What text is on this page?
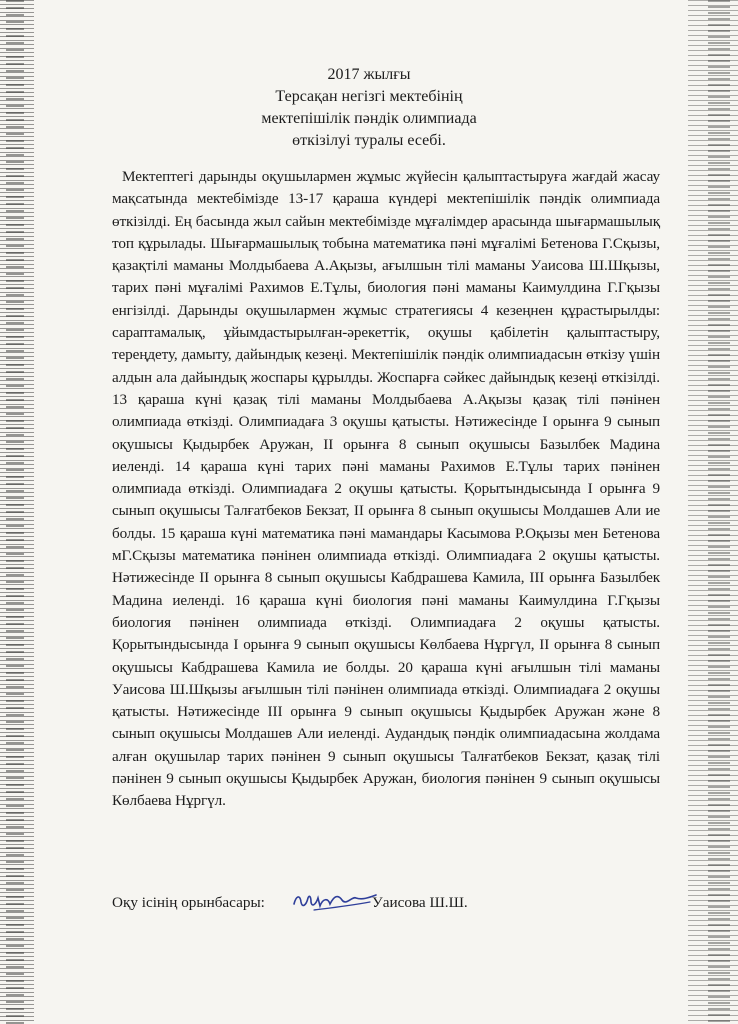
2017 жылғы
Терсақан негізгі мектебінің
мектепішілік пәндік олимпиада
өткізілуі туралы есебі.

Мектептегі дарынды оқушылармен жұмыс жүйесін қалыптастыруға жағдай жасау мақсатында мектебімізде 13-17 қараша күндері мектепішілік пәндік олимпиада өткізілді. Ең басында жыл сайын мектебімізде мұғалімдер арасында шығармашылық топ құрылады. Шығармашылық тобына математика пәні мұғалімі Бетенова Г.Сқызы, қазақтілі маманы Молдыбаева А.Ақызы, ағылшын тілі маманы Уаисова Ш.Шқызы, тарих пәні мұғалімі Рахимов Е.Тұлы, биология пәні маманы Каимулдина Г.Гқызы енгізілді. Дарынды оқушылармен жұмыс стратегиясы 4 кезеңнен құрастырылды: сараптамалық, ұйымдастырылған-әрекеттік, оқушы қабілетін қалыптастыру, тереңдету, дамыту, дайындық кезеңі. Мектепішілік пәндік олимпиадасын өткізу үшін алдын ала дайындық жоспары құрылды. Жоспарға сәйкес дайындық кезеңі өткізілді. 13 қараша күні қазақ тілі маманы Молдыбаева А.Ақызы қазақ тілі пәнінен олимпиада өткізді. Олимпиадаға 3 оқушы қатысты. Нәтижесінде I орынға 9 сынып оқушысы Қыдырбек Аружан, II орынға 8 сынып оқушысы Базылбек Мадина иеленді. 14 қараша күні тарих пәні маманы Рахимов Е.Тұлы тарих пәнінен олимпиада өткізді. Олимпиадаға 2 оқушы қатысты. Қорытындысында I орынға 9 сынып оқушысы Талғатбеков Бекзат, II орынға 8 сынып оқушысы Молдашев Али ие болды. 15 қараша күні математика пәні мамандары Касымова Р.Оқызы мен Бетенова мГ.Сқызы математика пәнінен олимпиада өткізді. Олимпиадаға 2 оқушы қатысты. Нәтижесінде II орынға 8 сынып оқушысы Кабдрашева Камила, III орынға Базылбек Мадина иеленді. 16 қараша күні биология пәні маманы Каимулдина Г.Гқызы биология пәнінен олимпиада өткізді. Олимпиадаға 2 оқушы қатысты. Қорытындысында I орынға 9 сынып оқушысы Көлбаева Нұргүл, II орынға 8 сынып оқушысы Кабдрашева Камила ие болды. 20 қараша күні ағылшын тілі маманы Уаисова Ш.Шқызы ағылшын тілі пәнінен олимпиада өткізді. Олимпиадаға 2 оқушы қатысты. Нәтижесінде III орынға 9 сынып оқушысы Қыдырбек Аружан және 8 сынып оқушысы Молдашев Али иеленді. Аудандық пәндік олимпиадасына жолдама алған оқушылар тарих пәнінен 9 сынып оқушысы Талғатбеков Бекзат, қазақ тілі пәнінен 9 сынып оқушысы Қыдырбек Аружан, биология пәнінен 9 сынып оқушысы Көлбаева Нұргүл.

Оқу ісінің орынбасары:	Уаисова Ш.Ш.
